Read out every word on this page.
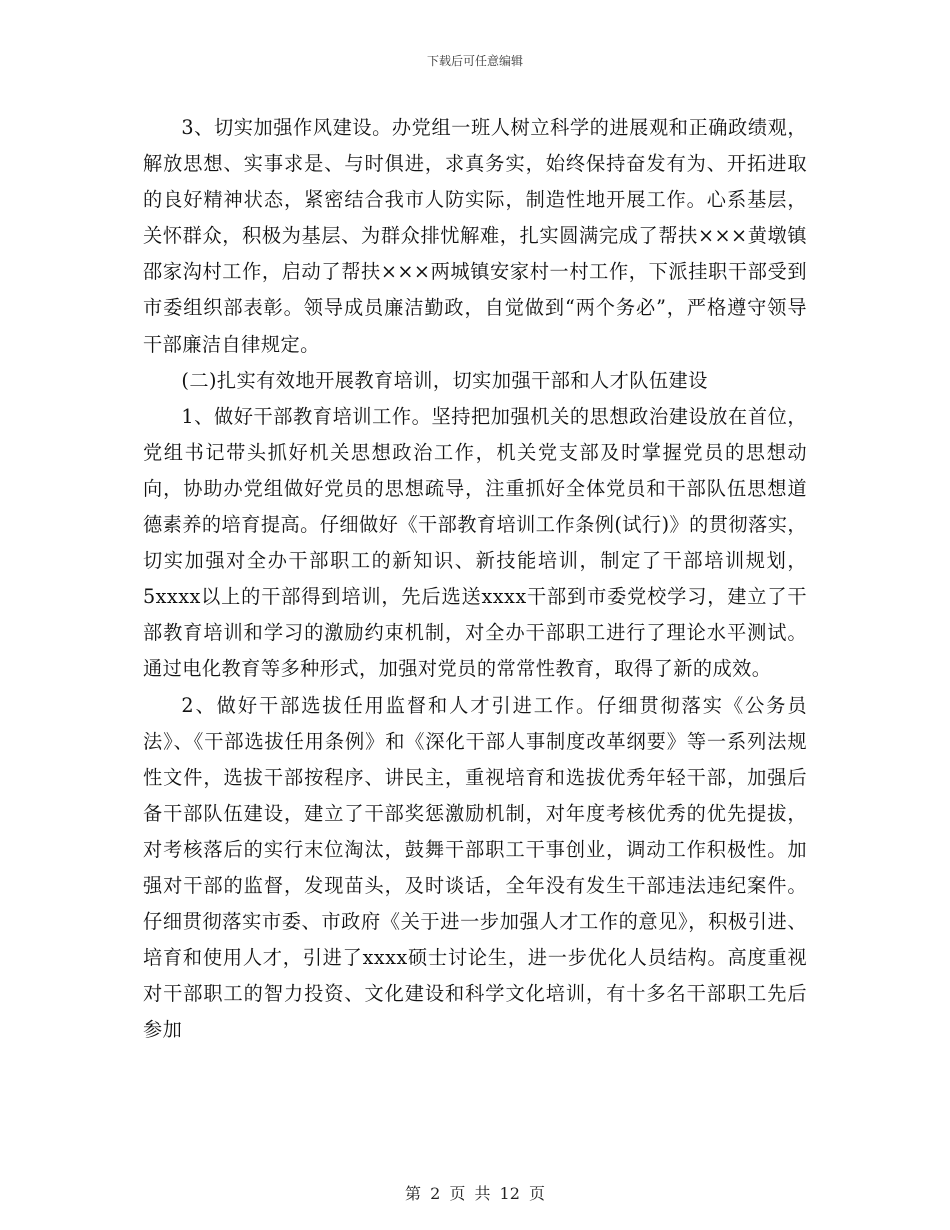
下载后可任意编辑

3、切实加强作风建设。办党组一班人树立科学的进展观和正确政绩观，解放思想、实事求是、与时俱进，求真务实，始终保持奋发有为、开拓进取的良好精神状态，紧密结合我市人防实际，制造性地开展工作。心系基层，关怀群众，积极为基层、为群众排忧解难，扎实圆满完成了帮扶×××黄墩镇邵家沟村工作，启动了帮扶×××两城镇安家村一村工作，下派挂职干部受到市委组织部表彰。领导成员廉洁勤政，自觉做到“两个务必”，严格遵守领导干部廉洁自律规定。

(二)扎实有效地开展教育培训，切实加强干部和人才队伍建设

1、做好干部教育培训工作。坚持把加强机关的思想政治建设放在首位，党组书记带头抓好机关思想政治工作，机关党支部及时掌握党员的思想动向，协助办党组做好党员的思想疏导，注重抓好全体党员和干部队伍思想道德素养的培育提高。仔细做好《干部教育培训工作条例(试行)》的贯彻落实，切实加强对全办干部职工的新知识、新技能培训，制定了干部培训规划，5xxxx以上的干部得到培训，先后选送xxxx干部到市委党校学习，建立了干部教育培训和学习的激励约束机制，对全办干部职工进行了理论水平测试。通过电化教育等多种形式，加强对党员的常常性教育，取得了新的成效。

2、做好干部选拔任用监督和人才引进工作。仔细贯彻落实《公务员法》、《干部选拔任用条例》和《深化干部人事制度改革纲要》等一系列法规性文件，选拔干部按程序、讲民主，重视培育和选拔优秀年轻干部，加强后备干部队伍建设，建立了干部奖惩激励机制，对年度考核优秀的优先提拔，对考核落后的实行末位淘汰，鼓舞干部职工干事创业，调动工作积极性。加强对干部的监督，发现苗头，及时谈话，全年没有发生干部违法违纪案件。仔细贯彻落实市委、市政府《关于进一步加强人才工作的意见》，积极引进、培育和使用人才，引进了xxxx硕士讨论生，进一步优化人员结构。高度重视对干部职工的智力投资、文化建设和科学文化培训，有十多名干部职工先后参加

第 2 页 共 12 页
